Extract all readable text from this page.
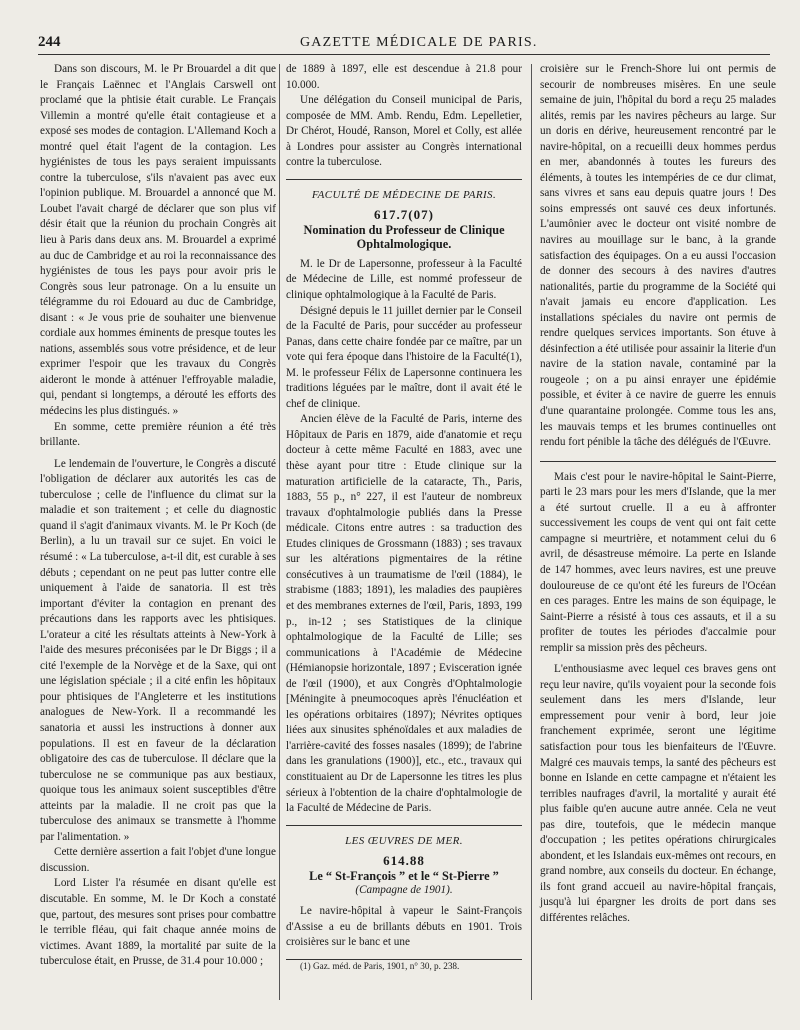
244	GAZETTE MÉDICALE DE PARIS.

Dans son discours, M. le Pr Brouardel a dit que le Français Laënnec et l'Anglais Carswell ont proclamé que la phtisie était curable. Le Français Villemin a montré qu'elle était contagieuse et a exposé ses modes de contagion. L'Allemand Koch a montré quel était l'agent de la contagion. Les hygiénistes de tous les pays seraient impuissants contre la tuberculose, s'ils n'avaient pas avec eux l'opinion publique. M. Brouardel a annoncé que M. Loubet l'avait chargé de déclarer que son plus vif désir était que la réunion du prochain Congrès ait lieu à Paris dans deux ans. M. Brouardel a exprimé au duc de Cambridge et au roi la reconnaissance des hygiénistes de tous les pays pour avoir pris le Congrès sous leur patronage. On a lu ensuite un télégramme du roi Edouard au duc de Cambridge, disant : « Je vous prie de souhaiter une bienvenue cordiale aux hommes éminents de presque toutes les nations, assemblés sous votre présidence, et de leur exprimer l'espoir que les travaux du Congrès aideront le monde à atténuer l'effroyable maladie, qui, pendant si longtemps, a dérouté les efforts des médecins les plus distingués. »

En somme, cette première réunion a été très brillante.

Le lendemain de l'ouverture, le Congrès a discuté l'obligation de déclarer aux autorités les cas de tuberculose ; celle de l'influence du climat sur la maladie et son traitement ; et celle du diagnostic quand il s'agit d'animaux vivants. M. le Pr Koch (de Berlin), a lu un travail sur ce sujet. En voici le résumé : « La tuberculose, a-t-il dit, est curable à ses débuts ; cependant on ne peut pas lutter contre elle uniquement à l'aide de sanatoria. Il est très important d'éviter la contagion en prenant des précautions dans les rapports avec les phtisiques. L'orateur a cité les résultats atteints à New-York à l'aide des mesures préconisées par le Dr Biggs ; il a cité l'exemple de la Norvège et de la Saxe, qui ont une législation spéciale ; il a cité enfin les hôpitaux pour phtisiques de l'Angleterre et les institutions analogues de New-York. Il a recommandé les sanatoria et aussi les instructions à donner aux populations. Il est en faveur de la déclaration obligatoire des cas de tuberculose. Il déclare que la tuberculose ne se communique pas aux bestiaux, quoique tous les animaux soient susceptibles d'être atteints par la maladie. Il ne croit pas que la tuberculose des animaux se transmette à l'homme par l'alimentation. »

Cette dernière assertion a fait l'objet d'une longue discussion.

Lord Lister l'a résumée en disant qu'elle est discutable. En somme, M. le Dr Koch a constaté que, partout, des mesures sont prises pour combattre le terrible fléau, qui fait chaque année moins de victimes. Avant 1889, la mortalité par suite de la tuberculose était, en Prusse, de 31.4 pour 10.000 ;

de 1889 à 1897, elle est descendue à 21.8 pour 10.000.

Une délégation du Conseil municipal de Paris, composée de MM. Amb. Rendu, Edm. Lepelletier, Dr Chérot, Houdé, Ranson, Morel et Colly, est allée à Londres pour assister au Congrès international contre la tuberculose.

FACULTÉ DE MÉDECINE DE PARIS.
617.7(07)
Nomination du Professeur de Clinique Ophtalmologique.

M. le Dr de Lapersonne, professeur à la Faculté de Médecine de Lille, est nommé professeur de clinique ophtalmologique à la Faculté de Paris.

Désigné depuis le 11 juillet dernier par le Conseil de la Faculté de Paris, pour succéder au professeur Panas, dans cette chaire fondée par ce maître, par un vote qui fera époque dans l'histoire de la Faculté(1), M. le professeur Félix de Lapersonne continuera les traditions léguées par le maître, dont il avait été le chef de clinique.

Ancien élève de la Faculté de Paris, interne des Hôpitaux de Paris en 1879, aide d'anatomie et reçu docteur à cette même Faculté en 1883, avec une thèse ayant pour titre : Etude clinique sur la maturation artificielle de la cataracte, Th., Paris, 1883, 55 p., n° 227, il est l'auteur de nombreux travaux d'ophtalmologie publiés dans la Presse médicale. Citons entre autres : sa traduction des Etudes cliniques de Grossmann (1883) ; ses travaux sur les altérations pigmentaires de la rétine consécutives à un traumatisme de l'œil (1884), le strabisme (1883; 1891), les maladies des paupières et des membranes externes de l'œil, Paris, 1893, 199 p., in-12 ; ses Statistiques de la clinique ophtalmologique de la Faculté de Lille; ses communications à l'Académie de Médecine (Hémianopsie horizontale, 1897 ; Evisceration ignée de l'œil (1900), et aux Congrès d'Ophtalmologie [Méningite à pneumocoques après l'énucléation et les opérations orbitaires (1897); Névrites optiques liées aux sinusites sphénoïdales et aux maladies de l'arrière-cavité des fosses nasales (1899); de l'abrine dans les granulations (1900)], etc., etc., travaux qui constituaient au Dr de Lapersonne les titres les plus sérieux à l'obtention de la chaire d'ophtalmologie de la Faculté de Médecine de Paris.

LES ŒUVRES DE MER.
614.88
Le “ St-François ” et le “ St-Pierre ”
(Campagne de 1901).

Le navire-hôpital à vapeur le Saint-François d'Assise a eu de brillants débuts en 1901. Trois croisières sur le banc et une

(1) Gaz. méd. de Paris, 1901, n° 30, p. 238.

croisière sur le French-Shore lui ont permis de secourir de nombreuses misères. En une seule semaine de juin, l'hôpital du bord a reçu 25 malades alités, remis par les navires pêcheurs au large. Sur un doris en dérive, heureusement rencontré par le navire-hôpital, on a recueilli deux hommes perdus en mer, abandonnés à toutes les fureurs des éléments, à toutes les intempéries de ce dur climat, sans vivres et sans eau depuis quatre jours ! Des soins empressés ont sauvé ces deux infortunés. L'aumônier avec le docteur ont visité nombre de navires au mouillage sur le banc, à la grande satisfaction des équipages. On a eu aussi l'occasion de donner des secours à des navires d'autres nationalités, partie du programme de la Société qui n'avait jamais eu encore d'application. Les installations spéciales du navire ont permis de rendre quelques services importants. Son étuve à désinfection a été utilisée pour assainir la literie d'un navire de la station navale, contaminé par la rougeole ; on a pu ainsi enrayer une épidémie possible, et éviter à ce navire de guerre les ennuis d'une quarantaine prolongée. Comme tous les ans, les mauvais temps et les brumes continuelles ont rendu fort pénible la tâche des délégués de l'Œuvre.

Mais c'est pour le navire-hôpital le Saint-Pierre, parti le 23 mars pour les mers d'Islande, que la mer a été surtout cruelle. Il a eu à affronter successivement les coups de vent qui ont fait cette campagne si meurtrière, et notamment celui du 6 avril, de désastreuse mémoire. La perte en Islande de 147 hommes, avec leurs navires, est une preuve douloureuse de ce qu'ont été les fureurs de l'Océan en ces parages. Entre les mains de son équipage, le Saint-Pierre a résisté à tous ces assauts, et il a su profiter de toutes les périodes d'accalmie pour remplir sa mission près des pêcheurs.

L'enthousiasme avec lequel ces braves gens ont reçu leur navire, qu'ils voyaient pour la seconde fois seulement dans les mers d'Islande, leur empressement pour venir à bord, leur joie franchement exprimée, seront une légitime satisfaction pour tous les bienfaiteurs de l'Œuvre. Malgré ces mauvais temps, la santé des pêcheurs est bonne en Islande en cette campagne et n'étaient les terribles naufrages d'avril, la mortalité y aurait été plus faible qu'en aucune autre année. Cela ne veut pas dire, toutefois, que le médecin manque d'occupation ; les petites opérations chirurgicales abondent, et les Islandais eux-mêmes ont recours, en grand nombre, aux conseils du docteur. En échange, ils font grand accueil au navire-hôpital français, jusqu'à lui épargner les droits de port dans ses différentes relâches.
